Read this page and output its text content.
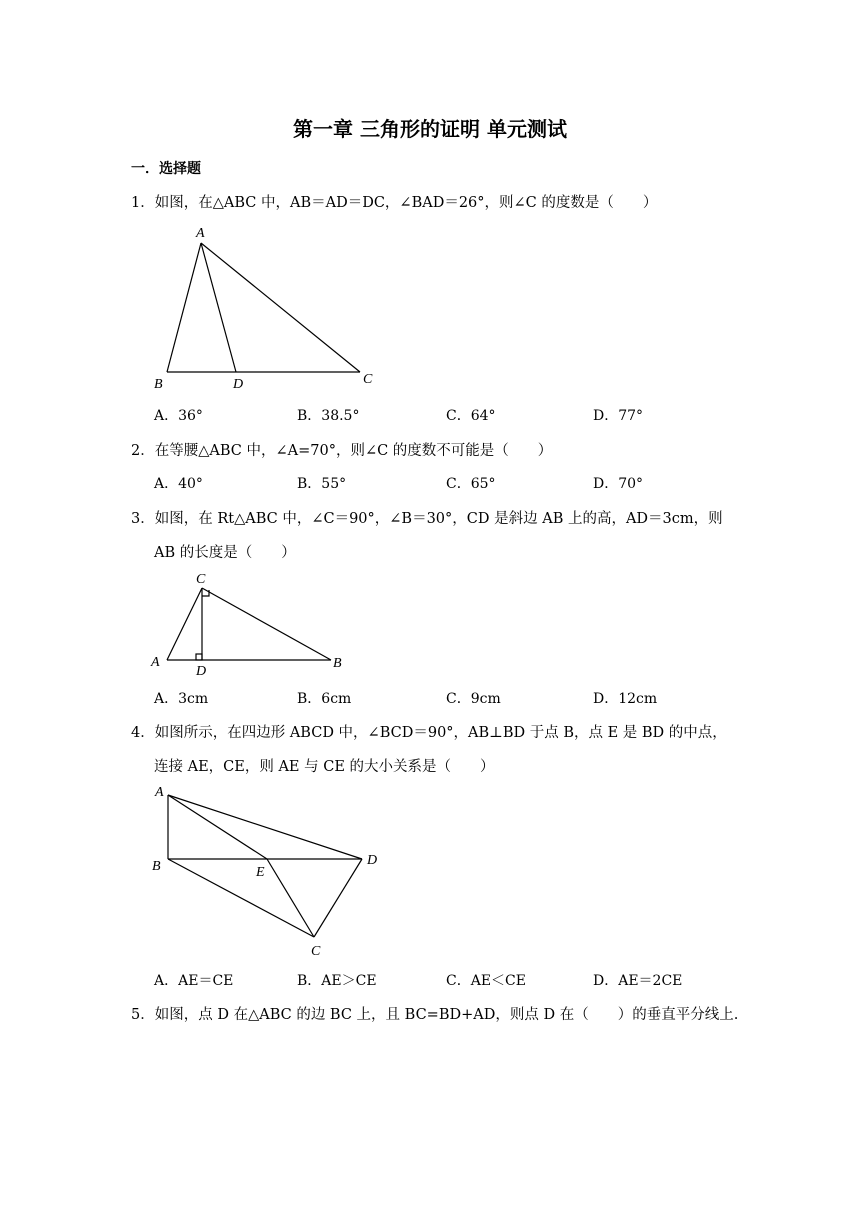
第一章 三角形的证明 单元测试
一．选择题
1．如图，在△ABC 中，AB＝AD＝DC，∠BAD＝26°，则∠C 的度数是（　　）
A
B	D	C
A．36°	B．38.5°	C．64°	D．77°
2．在等腰△ABC 中，∠A=70°，则∠C 的度数不可能是（　　）
A．40°	B．55°	C．65°	D．70°
3．如图，在 Rt△ABC 中，∠C＝90°，∠B＝30°，CD 是斜边 AB 上的高，AD＝3cm，则
AB 的长度是（　　）
C
A
D
B
A．3cm	B．6cm	C．9cm	D．12cm
4．如图所示，在四边形 ABCD 中，∠BCD＝90°，AB⊥BD 于点 B，点 E 是 BD 的中点，
连接 AE，CE，则 AE 与 CE 的大小关系是（　　）
A
B	E
D
C
A．AE＝CE	B．AE＞CE	C．AE＜CE	D．AE＝2CE
5．如图，点 D 在△ABC 的边 BC 上，且 BC=BD+AD，则点 D 在（　　）的垂直平分线上.
